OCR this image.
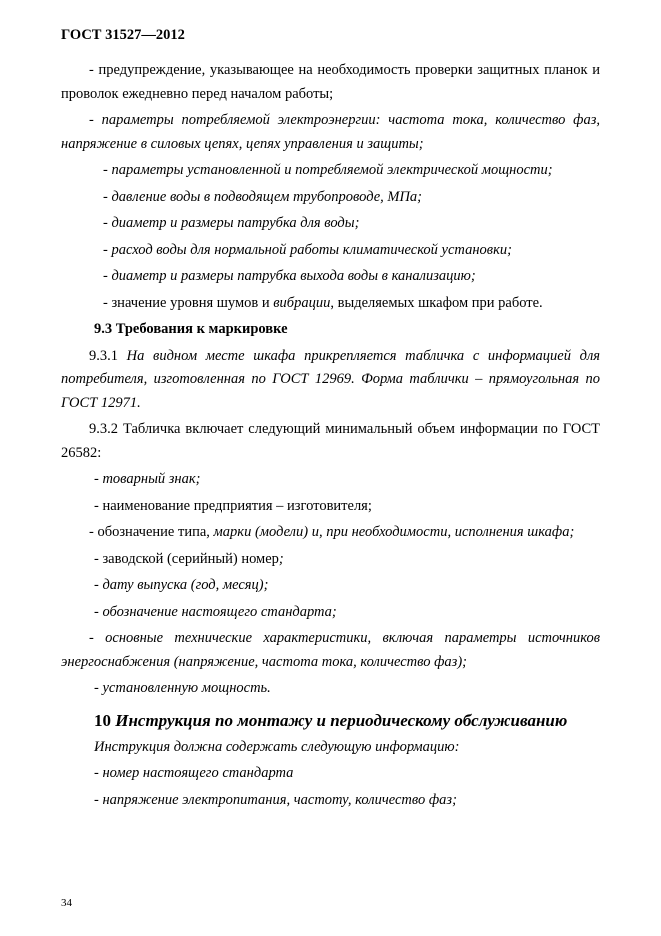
ГОСТ 31527—2012

- предупреждение, указывающее на необходимость проверки защитных планок и проволок ежедневно перед началом работы;

- параметры потребляемой электроэнергии: частота тока, количество фаз, напряжение в силовых цепях, цепях управления и защиты;

- параметры установленной и потребляемой электрической мощности;

- давление воды в подводящем трубопроводе, МПа;

- диаметр и размеры патрубка для воды;

- расход воды для нормальной работы климатической установки;

- диаметр и размеры патрубка выхода воды в канализацию;

- значение уровня шумов и вибрации, выделяемых шкафом при работе.

9.3 Требования к маркировке

9.3.1 На видном месте шкафа прикрепляется табличка с информацией для потребителя, изготовленная по ГОСТ 12969. Форма таблички – прямоугольная по ГОСТ 12971.

9.3.2 Табличка включает следующий минимальный объем информации по ГОСТ 26582:

- товарный знак;

- наименование предприятия – изготовителя;

- обозначение типа, марки (модели) и, при необходимости, исполнения шкафа;

- заводской (серийный) номер;

- дату выпуска (год, месяц);

- обозначение настоящего стандарта;

- основные технические характеристики, включая параметры источников энергоснабжения (напряжение, частота тока, количество фаз);

- установленную мощность.

10 Инструкция по монтажу и периодическому обслуживанию

Инструкция должна содержать следующую информацию:

- номер настоящего стандарта

- напряжение электропитания, частоту, количество фаз;

34
